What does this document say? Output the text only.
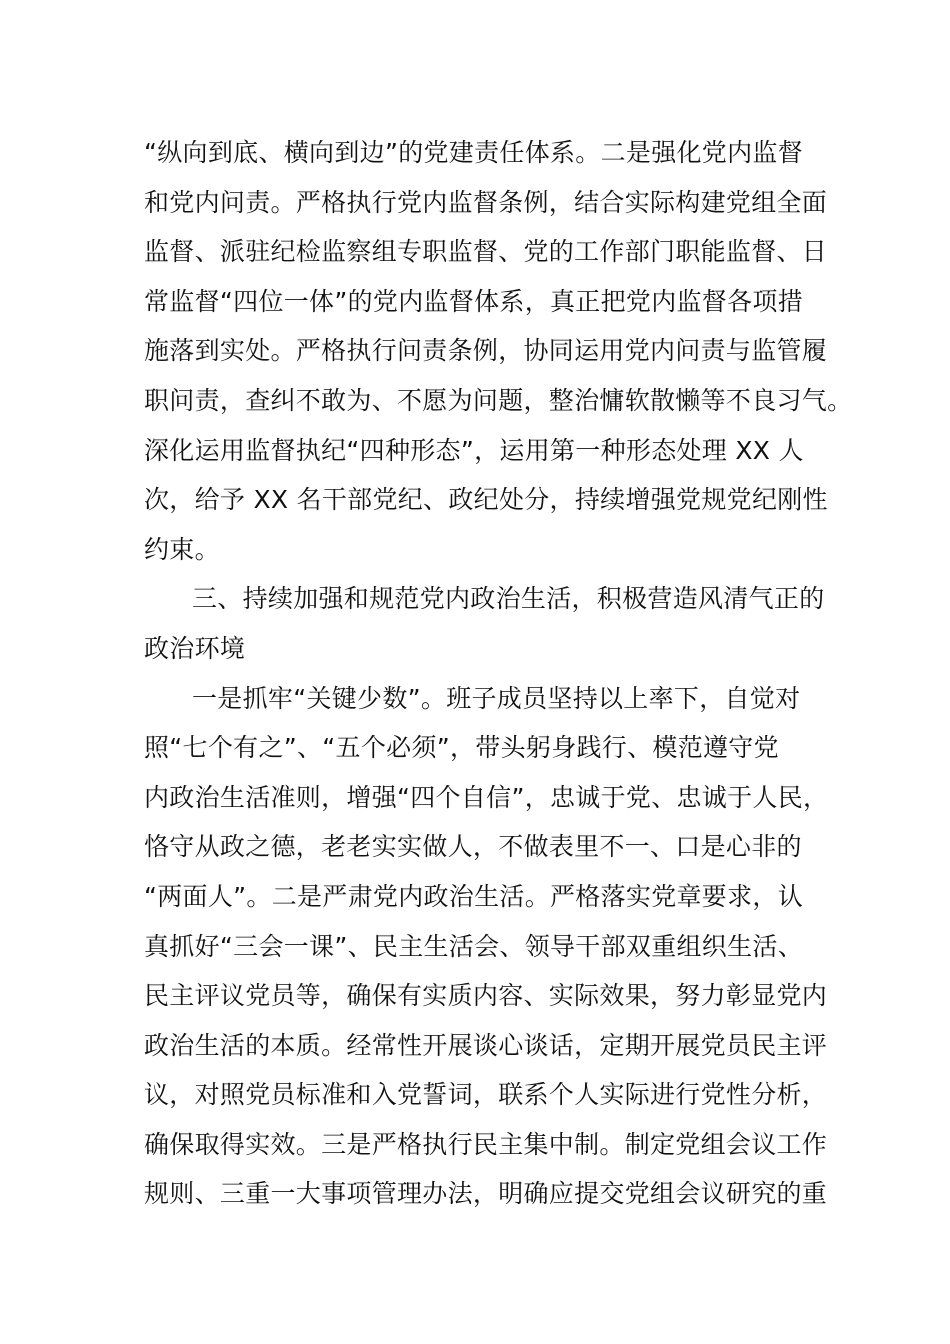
“纵向到底、横向到边”的党建责任体系。二是强化党内监督
和党内问责。严格执行党内监督条例，结合实际构建党组全面
监督、派驻纪检监察组专职监督、党的工作部门职能监督、日
常监督“四位一体”的党内监督体系，真正把党内监督各项措
施落到实处。严格执行问责条例，协同运用党内问责与监管履
职问责，查纠不敢为、不愿为问题，整治慵软散懒等不良习气。
深化运用监督执纪“四种形态”，运用第一种形态处理 XX 人
次，给予 XX 名干部党纪、政纪处分，持续增强党规党纪刚性
约束。
三、持续加强和规范党内政治生活，积极营造风清气正的
政治环境
一是抓牢“关键少数”。班子成员坚持以上率下，自觉对
照“七个有之”、“五个必须”，带头躬身践行、模范遵守党
内政治生活准则，增强“四个自信”，忠诚于党、忠诚于人民，
恪守从政之德，老老实实做人，不做表里不一、口是心非的
“两面人”。二是严肃党内政治生活。严格落实党章要求，认
真抓好“三会一课”、民主生活会、领导干部双重组织生活、
民主评议党员等，确保有实质内容、实际效果，努力彰显党内
政治生活的本质。经常性开展谈心谈话，定期开展党员民主评
议，对照党员标准和入党誓词，联系个人实际进行党性分析，
确保取得实效。三是严格执行民主集中制。制定党组会议工作
规则、三重一大事项管理办法，明确应提交党组会议研究的重
